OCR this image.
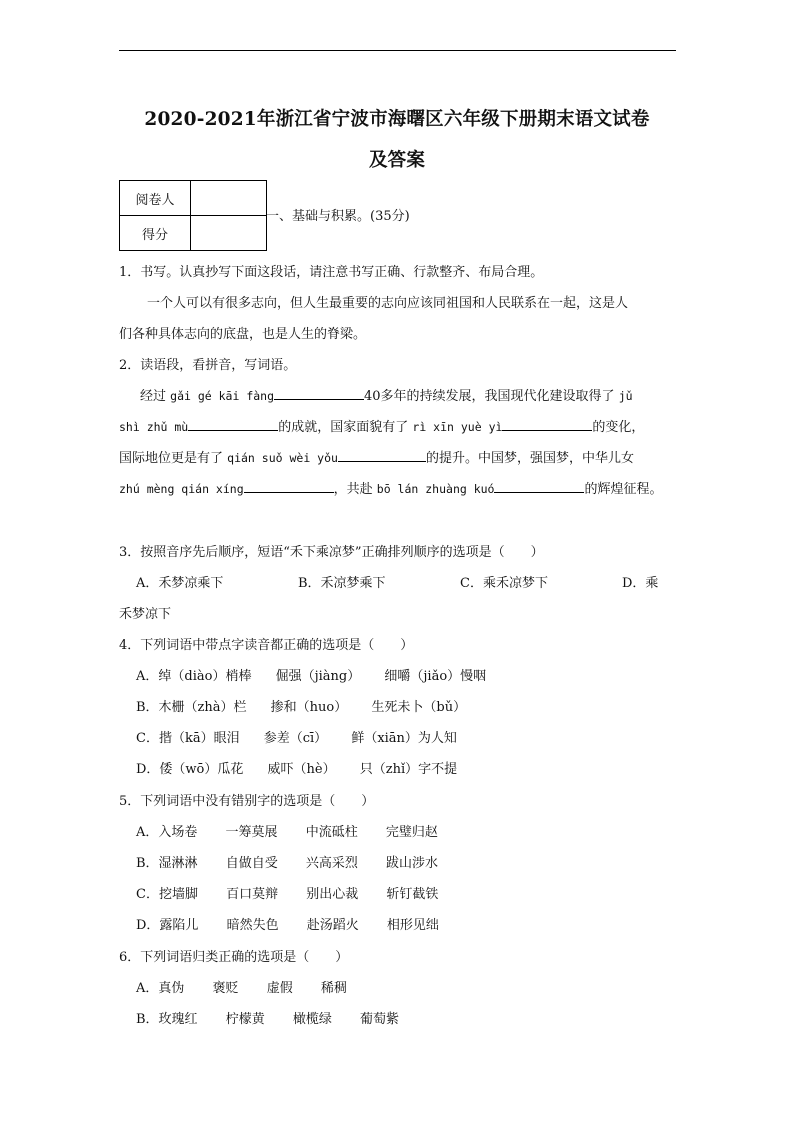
2020-2021年浙江省宁波市海曙区六年级下册期末语文试卷
及答案
阅卷人	
得分	
一、基础与积累。(35分)
1．书写。认真抄写下面这段话，请注意书写正确、行款整齐、布局合理。
一个人可以有很多志向，但人生最重要的志向应该同祖国和人民联系在一起，这是人
们各种具体志向的底盘，也是人生的脊梁。
2．读语段，看拼音，写词语。
经过 gǎi gé kāi fàng	40多年的持续发展，我国现代化建设取得了 jǔ
shì zhǔ mù	的成就，国家面貌有了 rì xīn yuè yì	的变化，
国际地位更是有了 qián suǒ wèi yǒu	的提升。中国梦，强国梦，中华儿女
zhú mèng qián xíng	，共赴 bō lán zhuàng kuó	的辉煌征程。
3．按照音序先后顺序，短语“禾下乘凉梦”正确排列顺序的选项是（　　）
A．禾梦凉乘下	B．禾凉梦乘下	C．乘禾凉梦下	D．乘
禾梦凉下
4．下列词语中带点字读音都正确的选项是（　　）
A．绰（diào）梢棒 倔强（jiàng） 细嚼（jiǎo）慢咽
B．木栅（zhà）栏 掺和（huo） 生死未卜（bǔ）
C．揩（kā）眼泪 参差（cī） 鲜（xiān）为人知
D．倭（wō）瓜花 威吓（hè） 只（zhǐ）字不提
5．下列词语中没有错别字的选项是（　　）
A．入场卷 一筹莫展 中流砥柱 完璧归赵
B．湿淋淋 自做自受 兴高采烈 跋山涉水
C．挖墙脚 百口莫辩 别出心裁 斩钉截铁
D．露陷儿 暗然失色 赴汤蹈火 相形见绌
6．下列词语归类正确的选项是（　　）
A．真伪 褒贬 虚假 稀稠
B．玫瑰红 柠檬黄 橄榄绿 葡萄紫
